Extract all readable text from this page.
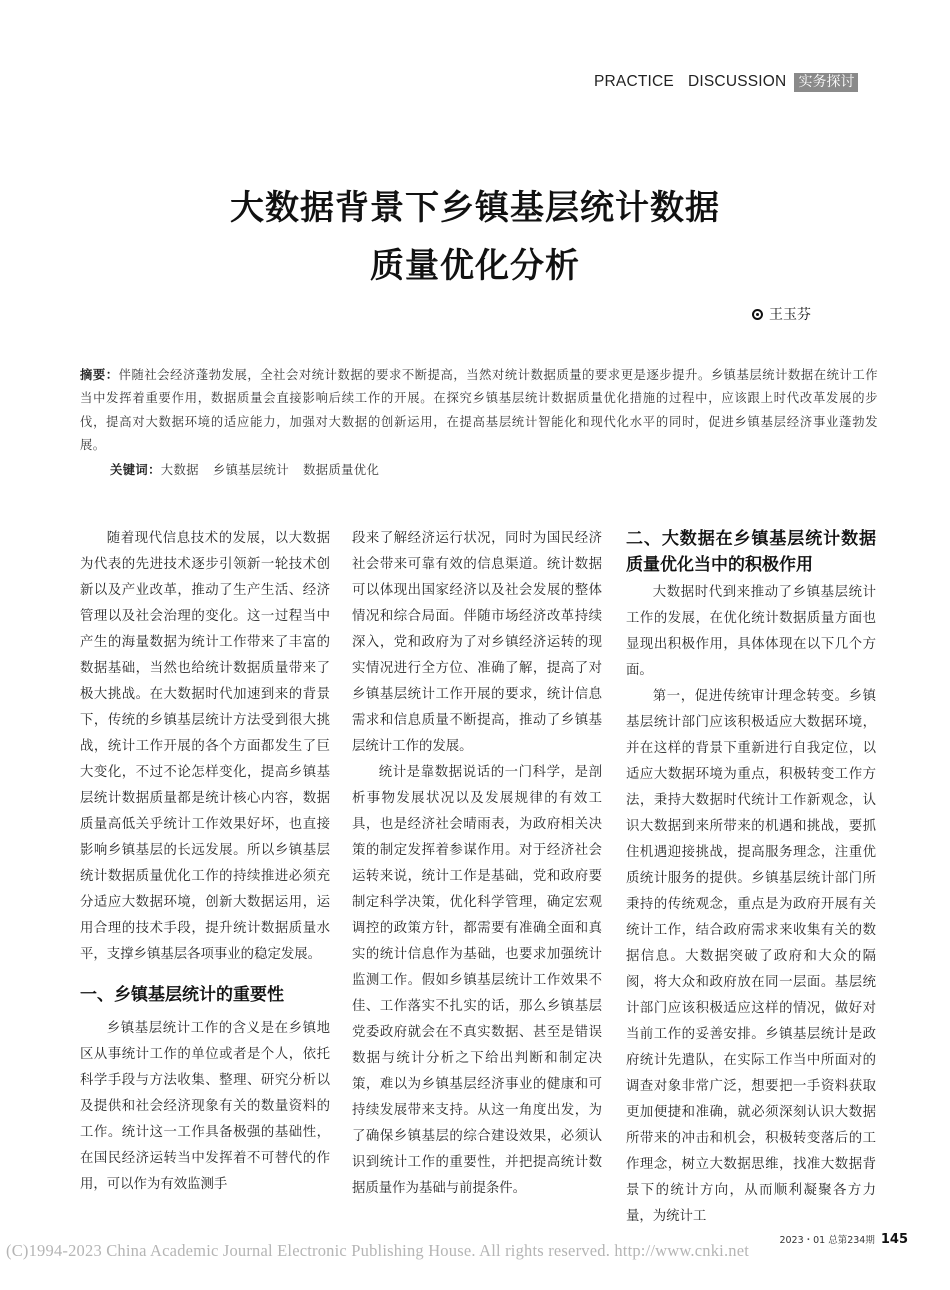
PRACTICE DISCUSSION 实务探讨
大数据背景下乡镇基层统计数据
质量优化分析
王玉芬
摘要：伴随社会经济蓬勃发展，全社会对统计数据的要求不断提高，当然对统计数据质量的要求更是逐步提升。乡镇基层统计数据在统计工作当中发挥着重要作用，数据质量会直接影响后续工作的开展。在探究乡镇基层统计数据质量优化措施的过程中，应该跟上时代改革发展的步伐，提高对大数据环境的适应能力，加强对大数据的创新运用，在提高基层统计智能化和现代化水平的同时，促进乡镇基层经济事业蓬勃发展。
关键词：大数据 乡镇基层统计 数据质量优化

随着现代信息技术的发展，以大数据为代表的先进技术逐步引领新一轮技术创新以及产业改革，推动了生产生活、经济管理以及社会治理的变化。这一过程当中产生的海量数据为统计工作带来了丰富的数据基础，当然也给统计数据质量带来了极大挑战。在大数据时代加速到来的背景下，传统的乡镇基层统计方法受到很大挑战，统计工作开展的各个方面都发生了巨大变化，不过不论怎样变化，提高乡镇基层统计数据质量都是统计核心内容，数据质量高低关乎统计工作效果好坏，也直接影响乡镇基层的长远发展。所以乡镇基层统计数据质量优化工作的持续推进必须充分适应大数据环境，创新大数据运用，运用合理的技术手段，提升统计数据质量水平，支撑乡镇基层各项事业的稳定发展。

一、乡镇基层统计的重要性

乡镇基层统计工作的含义是在乡镇地区从事统计工作的单位或者是个人，依托科学手段与方法收集、整理、研究分析以及提供和社会经济现象有关的数量资料的工作。统计这一工作具备极强的基础性，在国民经济运转当中发挥着不可替代的作用，可以作为有效监测手

段来了解经济运行状况，同时为国民经济社会带来可靠有效的信息渠道。统计数据可以体现出国家经济以及社会发展的整体情况和综合局面。伴随市场经济改革持续深入，党和政府为了对乡镇经济运转的现实情况进行全方位、准确了解，提高了对乡镇基层统计工作开展的要求，统计信息需求和信息质量不断提高，推动了乡镇基层统计工作的发展。

统计是靠数据说话的一门科学，是剖析事物发展状况以及发展规律的有效工具，也是经济社会晴雨表，为政府相关决策的制定发挥着参谋作用。对于经济社会运转来说，统计工作是基础，党和政府要制定科学决策，优化科学管理，确定宏观调控的政策方针，都需要有准确全面和真实的统计信息作为基础，也要求加强统计监测工作。假如乡镇基层统计工作效果不佳、工作落实不扎实的话，那么乡镇基层党委政府就会在不真实数据、甚至是错误数据与统计分析之下给出判断和制定决策，难以为乡镇基层经济事业的健康和可持续发展带来支持。从这一角度出发，为了确保乡镇基层的综合建设效果，必须认识到统计工作的重要性，并把提高统计数据质量作为基础与前提条件。

二、大数据在乡镇基层统计数据质量优化当中的积极作用

大数据时代到来推动了乡镇基层统计工作的发展，在优化统计数据质量方面也显现出积极作用，具体体现在以下几个方面。

第一，促进传统审计理念转变。乡镇基层统计部门应该积极适应大数据环境，并在这样的背景下重新进行自我定位，以适应大数据环境为重点，积极转变工作方法，秉持大数据时代统计工作新观念，认识大数据到来所带来的机遇和挑战，要抓住机遇迎接挑战，提高服务理念，注重优质统计服务的提供。乡镇基层统计部门所秉持的传统观念，重点是为政府开展有关统计工作，结合政府需求来收集有关的数据信息。大数据突破了政府和大众的隔阂，将大众和政府放在同一层面。基层统计部门应该积极适应这样的情况，做好对当前工作的妥善安排。乡镇基层统计是政府统计先遣队，在实际工作当中所面对的调查对象非常广泛，想要把一手资料获取更加便捷和准确，就必须深刻认识大数据所带来的冲击和机会，积极转变落后的工作理念，树立大数据思维，找准大数据背景下的统计方向，从而顺利凝聚各方力量，为统计工

2023・01 总第234期 145
(C)1994-2023 China Academic Journal Electronic Publishing House. All rights reserved. http://www.cnki.net
